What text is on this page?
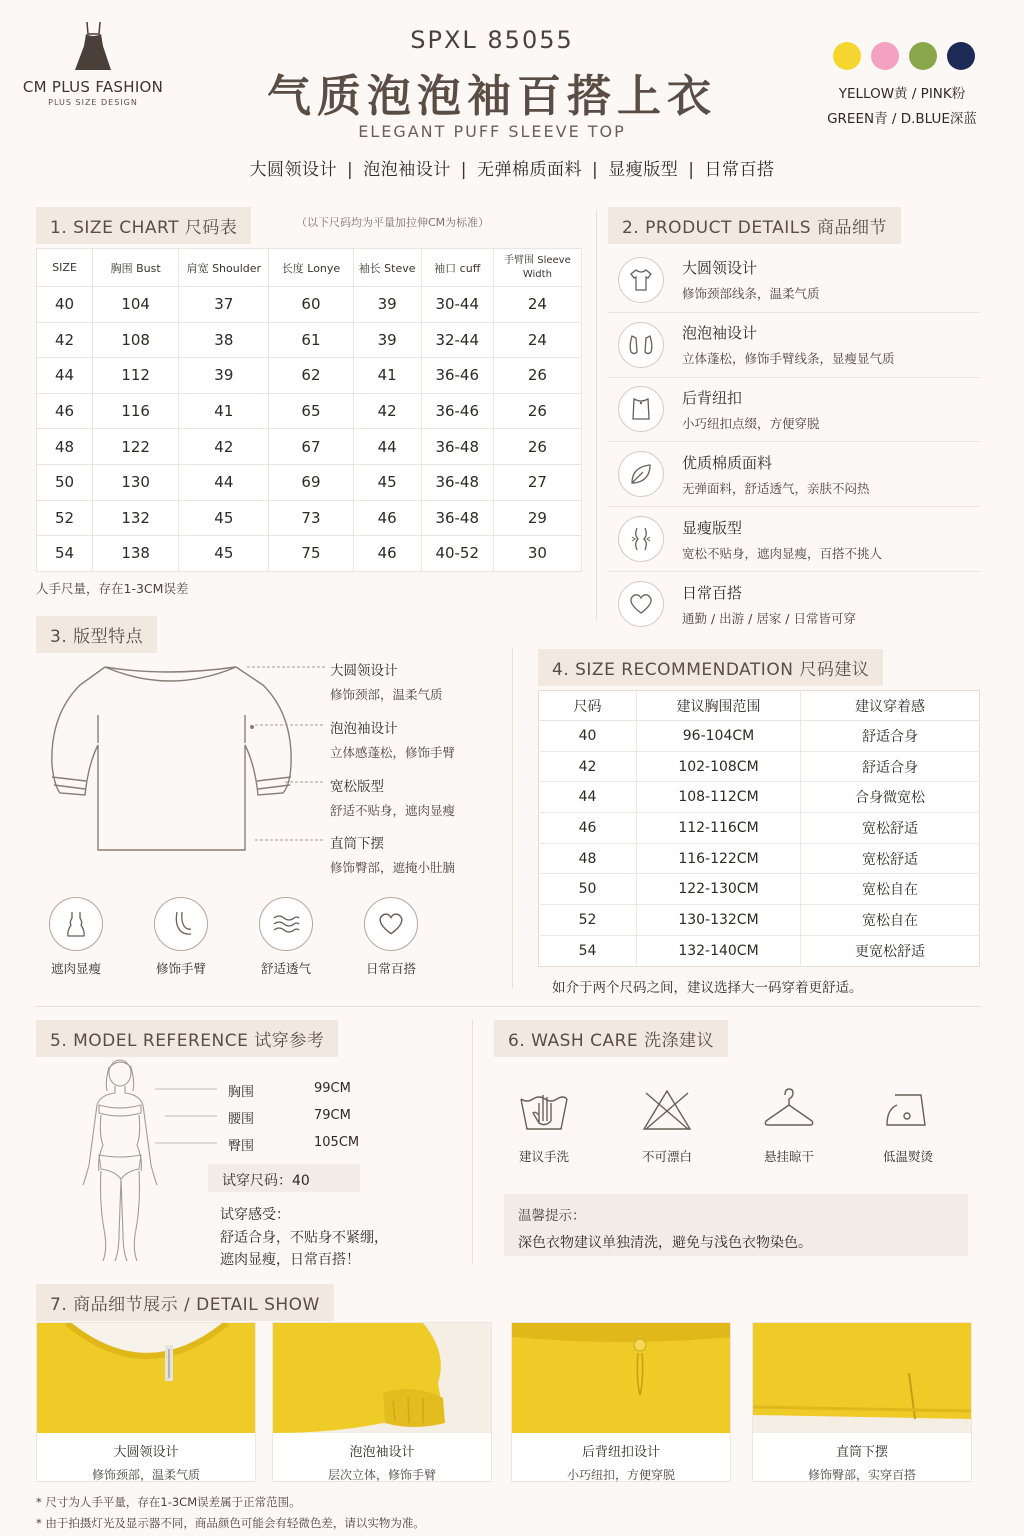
CM PLUS FASHION
PLUS SIZE DESIGN
SPXL 85055
气质泡泡袖百搭上衣
ELEGANT PUFF SLEEVE TOP
YELLOW黄 / PINK粉
GREEN青 / D.BLUE深蓝
大圆领设计 | 泡泡袖设计 | 无弹棉质面料 | 显瘦版型 | 日常百搭
1. SIZE CHART 尺码表	（以下尺码均为平量加拉伸CM为标准）
SIZE	胸围 Bust	肩宽 Shoulder	长度 Lonye	袖长 Steve	袖口 cuff	手臂围 Sleeve Width
40	104	37	60	39	30-44	24
42	108	38	61	39	32-44	24
44	112	39	62	41	36-46	26
46	116	41	65	42	36-46	26
48	122	42	67	44	36-48	26
50	130	44	69	45	36-48	27
52	132	45	73	46	36-48	29
54	138	45	75	46	40-52	30
人手尺量，存在1-3CM误差
2. PRODUCT DETAILS 商品细节
大圆领设计
修饰颈部线条，温柔气质
泡泡袖设计
立体蓬松，修饰手臂线条，显瘦显气质
后背纽扣
小巧纽扣点缀，方便穿脱
优质棉质面料
无弹面料，舒适透气，亲肤不闷热
显瘦版型
宽松不贴身，遮肉显瘦，百搭不挑人
日常百搭
通勤 / 出游 / 居家 / 日常皆可穿
3. 版型特点
大圆领设计
修饰颈部，温柔气质
泡泡袖设计
立体感蓬松，修饰手臂
宽松版型
舒适不贴身，遮肉显瘦
直筒下摆
修饰臀部，遮掩小肚腩
遮肉显瘦	修饰手臂	舒适透气	日常百搭
4. SIZE RECOMMENDATION 尺码建议
尺码	建议胸围范围	建议穿着感
40	96-104CM	舒适合身
42	102-108CM	舒适合身
44	108-112CM	合身微宽松
46	112-116CM	宽松舒适
48	116-122CM	宽松舒适
50	122-130CM	宽松自在
52	130-132CM	宽松自在
54	132-140CM	更宽松舒适
如介于两个尺码之间，建议选择大一码穿着更舒适。
5. MODEL REFERENCE 试穿参考
胸围	99CM
腰围	79CM
臀围	105CM
试穿尺码：40
试穿感受：
舒适合身，不贴身不紧绷，
遮肉显瘦，日常百搭！
6. WASH CARE 洗涤建议
建议手洗	不可漂白	悬挂晾干	低温熨烫
温馨提示：
深色衣物建议单独清洗，避免与浅色衣物染色。
7. 商品细节展示 / DETAIL SHOW
大圆领设计
修饰颈部，温柔气质
泡泡袖设计
层次立体，修饰手臂
后背纽扣设计
小巧纽扣，方便穿脱
直筒下摆
修饰臀部，实穿百搭
* 尺寸为人手平量，存在1-3CM误差属于正常范围。
* 由于拍摄灯光及显示器不同，商品颜色可能会有轻微色差，请以实物为准。
